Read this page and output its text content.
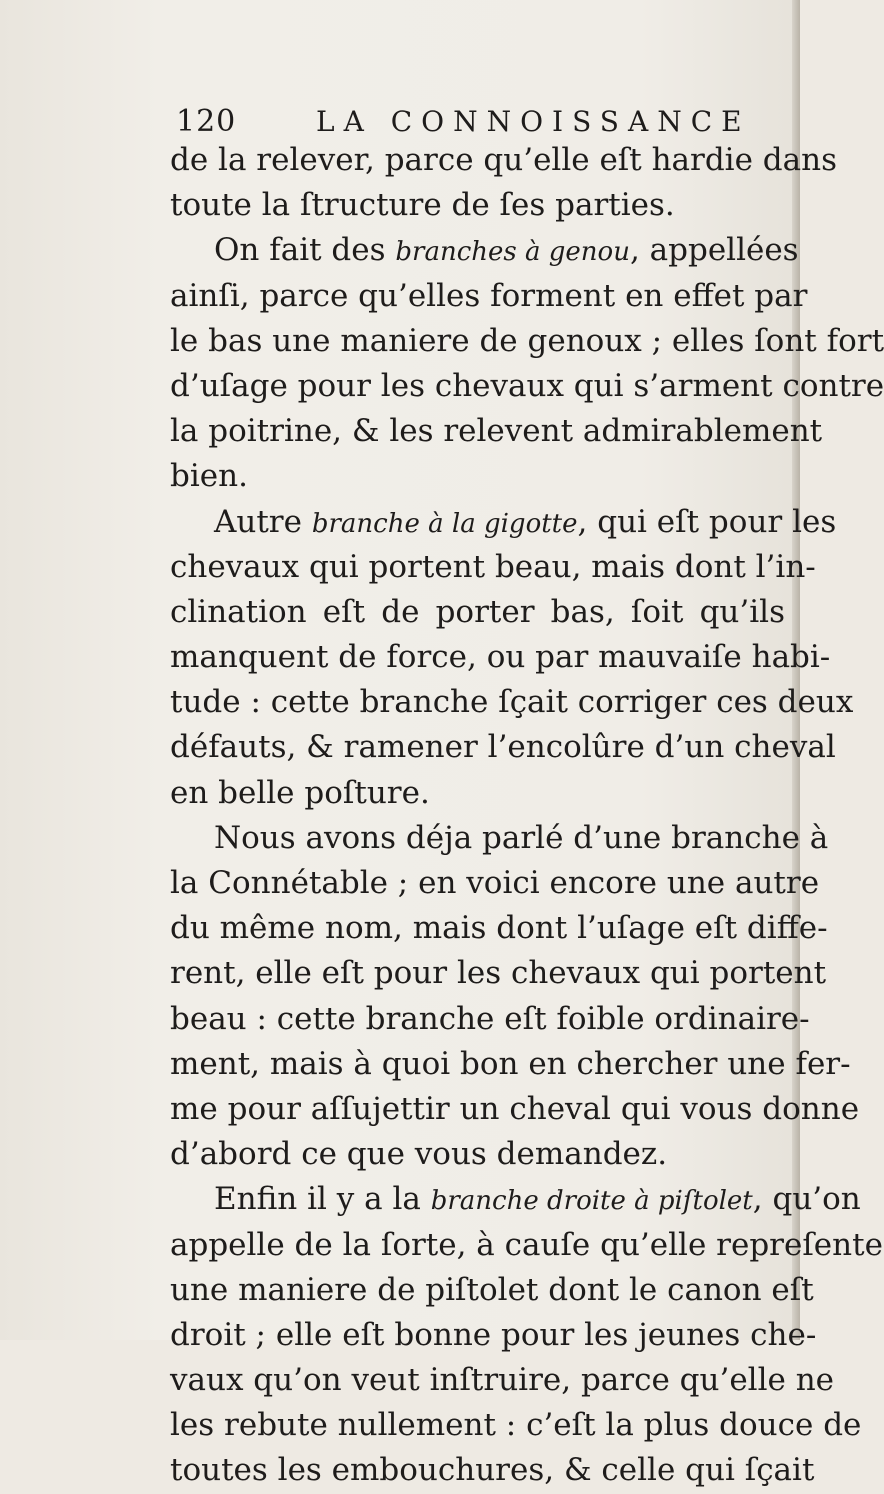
120	LA CONNOISSANCE
de la relever, parce qu’elle eſt hardie dans
toute la ſtructure de ſes parties.
On fait des branches à genou, appellées
ainſi, parce qu’elles forment en effet par
le bas une maniere de genoux ; elles ſont fort
d’uſage pour les chevaux qui s’arment contre
la poitrine, & les relevent admirablement
bien.
Autre branche à la gigotte, qui eſt pour les
chevaux qui portent beau, mais dont l’in-
clination eſt de porter bas, ſoit qu’ils
manquent de force, ou par mauvaiſe habi-
tude : cette branche ſçait corriger ces deux
défauts, & ramener l’encolûre d’un cheval
en belle poſture.
Nous avons déja parlé d’une branche à
la Connétable ; en voici encore une autre
du même nom, mais dont l’uſage eſt diffe-
rent, elle eſt pour les chevaux qui portent
beau : cette branche eſt foible ordinaire-
ment, mais à quoi bon en chercher une fer-
me pour aſſujettir un cheval qui vous donne
d’abord ce que vous demandez.
Enfin il y a la branche droite à piſtolet, qu’on
appelle de la ſorte, à cauſe qu’elle repreſente
une maniere de piſtolet dont le canon eſt
droit ; elle eſt bonne pour les jeunes che-
vaux qu’on veut inſtruire, parce qu’elle ne
les rebute nullement : c’eſt la plus douce de
toutes les embouchures, & celle qui ſçait
